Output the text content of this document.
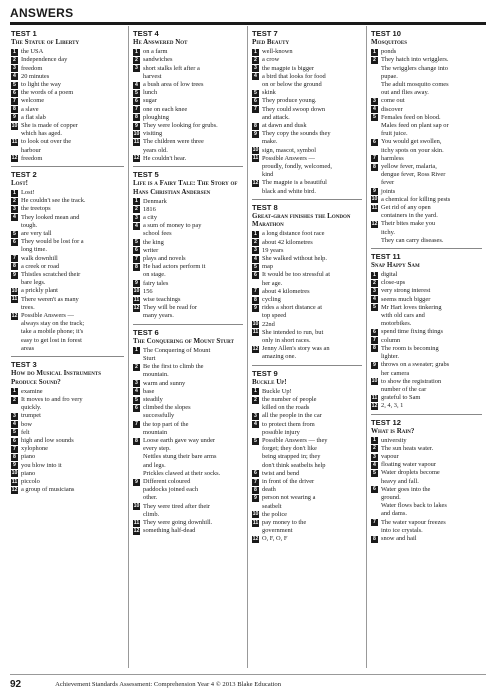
ANSWERS
TEST 1
The Statue of Liberty
1 the USA
2 Independence day
3 freedom
4 20 minutes
5 to light the way
6 the words of a poem
7 welcome
8 a slave
9 a flat slab
10 She is made of copper
which has aged.
11 to look out over the
harbour
12 freedom
TEST 2
Lost!
1 Lost!
2 He couldn't see the track.
3 the treetops
4 They looked mean and
tough.
5 are very tall
6 They would be lost for a
long time.
7 walk downhill
8 a creek or road
9 Thistles scratched their
bare legs.
10 a prickly plant
11 There weren't as many
trees.
12 Possible Answers —
always stay on the track;
take a mobile phone; it's
easy to get lost in forest
areas
TEST 3
How do Musical Instruments Produce Sound?
1 examine
2 It moves to and fro very
quickly.
3 trumpet
4 bow
5 felt
6 high and low sounds
7 xylophone
8 piano
9 you blow into it
10 piano
11 piccolo
12 a group of musicians
TEST 4
He Answered Not
1 on a farm
2 sandwiches
3 short stalks left after a
harvest
4 a bush area of low trees
5 lunch
6 sugar
7 one on each knee
8 ploughing
9 They were looking for grubs.
10 visiting
11 The children were three
years old.
12 He couldn't hear.
TEST 5
Life is a Fairy Tale: The Story of Hans Christian Andersen
1 Denmark
2 1816
3 a city
4 a sum of money to pay
school fees
5 the king
6 writer
7 plays and novels
8 He had actors perform it
on stage.
9 fairy tales
10 156
11 wise teachings
12 They will be read for
many years.
TEST 6
The Conquering of Mount Sturt
1 The Conquering of Mount
Sturt
2 Be the first to climb the
mountain.
3 warm and sunny
4 base
5 steadily
6 climbed the slopes
successfully
7 the top part of the
mountain
8 Loose earth gave way under
every step.
Nettles stung their bare arms
and legs.
Prickles clawed at their socks.
9 Different coloured
paddocks joined each
other.
10 They were tired after their
climb.
11 They were going downhill.
12 something half-dead
TEST 7
Pied Beauty
1 well-known
2 a crow
3 the magpie is bigger
4 a bird that looks for food
on or below the ground
5 skink
6 They produce young.
7 They could swoop down
and attack.
8 at dawn and dusk
9 They copy the sounds they
make.
10 sign, mascot, symbol
11 Possible Answers —
proudly, fondly, welcomed,
kind
12 The magpie is a beautiful
black and white bird.
TEST 8
Great-gran finishes the London Marathon
1 a long distance foot race
2 about 42 kilometres
3 19 years
4 She walked without help.
5 map
6 It would be too stressful at
her age.
7 about 4 kilometres
8 cycling
9 rides a short distance at
top speed
10 22nd
11 She intended to run, but
only in short races.
12 Jenny Allen's story was an
amazing one.
TEST 9
Buckle Up!
1 Buckle Up!
2 the number of people
killed on the roads
3 all the people in the car
4 to protect them from
possible injury
5 Possible Answers — they
forget; they don't like
being strapped in; they
don't think seatbelts help
6 twist and bend
7 in front of the driver
8 death
9 person not wearing a
seatbelt
10 the police
11 pay money to the
government
12 O, F, O, F
TEST 10
Mosquitoes
1 ponds
2 They hatch into wrigglers.
The wrigglers change into
pupae.
The adult mosquito comes
out and flies away.
3 come out
4 discover
5 Females feed on blood.
Males feed on plant sap or
fruit juice.
6 You would get swollen,
itchy spots on your skin.
7 harmless
8 yellow fever, malaria,
dengue fever, Ross River
fever
9 joints
10 a chemical for killing pests
11 Get rid of any open
containers in the yard.
12 Their bites make you
itchy.
They can carry diseases.
TEST 11
Snap Happy Sam
1 digital
2 close-ups
3 very strong interest
4 seems much bigger
5 Mr Hart loves tinkering
with old cars and
motorbikes.
6 spend time fixing things
7 column
8 The room is becoming
lighter.
9 throws on a sweater; grabs
her camera
10 to show the registration
number of the car
11 grateful to Sam
12 2, 4, 3, 1
TEST 12
What is Rain?
1 university
2 The sun heats water.
3 vapour
4 floating water vapour
5 Water droplets become
heavy and fall.
6 Water goes into the
ground.
Water flows back to lakes
and dams.
7 The water vapour freezes
into ice crystals.
8 snow and hail
92	Achievement Standards Assessment: Comprehension Year 4 © 2013 Blake Education
